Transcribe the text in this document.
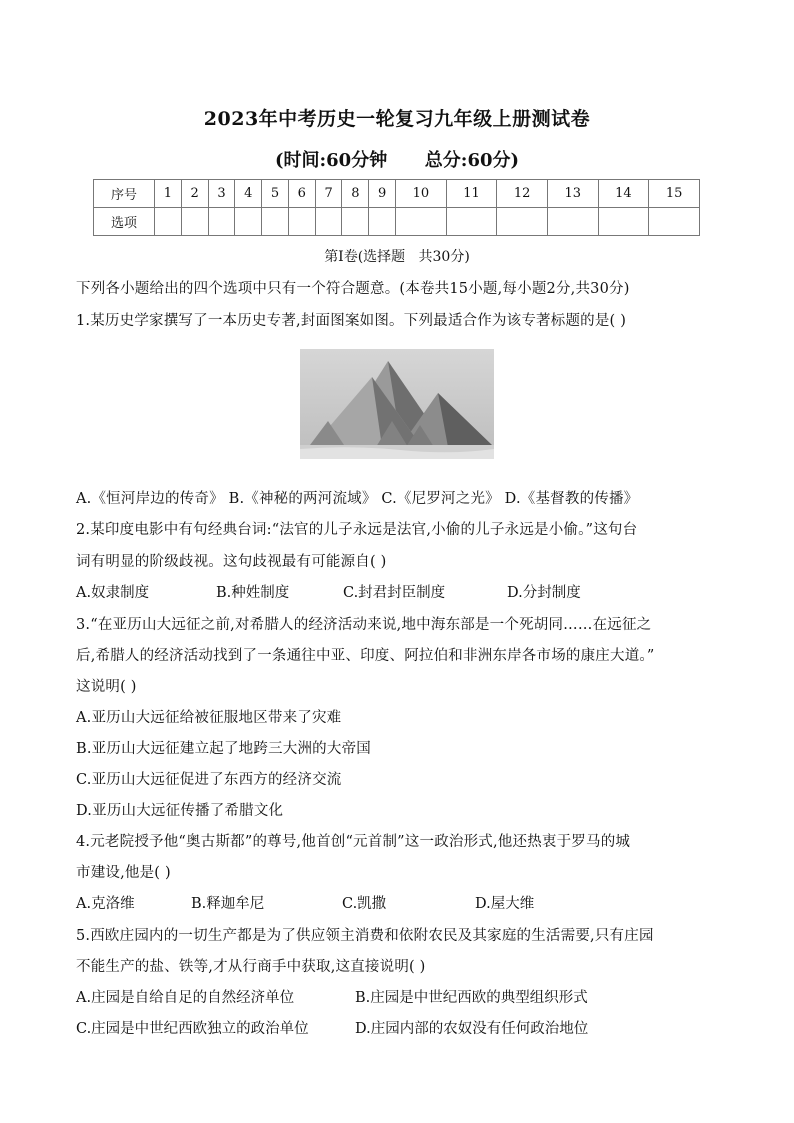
2023年中考历史一轮复习九年级上册测试卷
(时间:60分钟      总分:60分)
序号	1	2	3	4	5	6	7	8	9	10	11	12	13	14	15
选项															
第Ⅰ卷(选择题   共30分)
下列各小题给出的四个选项中只有一个符合题意。(本卷共15小题,每小题2分,共30分)
1.某历史学家撰写了一本历史专著,封面图案如图。下列最适合作为该专著标题的是( )
A.《恒河岸边的传奇》 B.《神秘的两河流域》 C.《尼罗河之光》 D.《基督教的传播》
2.某印度电影中有句经典台词:“法官的儿子永远是法官,小偷的儿子永远是小偷。”这句台
词有明显的阶级歧视。这句歧视最有可能源自( )
A.奴隶制度	B.种姓制度	C.封君封臣制度	D.分封制度
3.“在亚历山大远征之前,对希腊人的经济活动来说,地中海东部是一个死胡同……在远征之
后,希腊人的经济活动找到了一条通往中亚、印度、阿拉伯和非洲东岸各市场的康庄大道。”
这说明( )
A.亚历山大远征给被征服地区带来了灾难
B.亚历山大远征建立起了地跨三大洲的大帝国
C.亚历山大远征促进了东西方的经济交流
D.亚历山大远征传播了希腊文化
4.元老院授予他“奥古斯都”的尊号,他首创“元首制”这一政治形式,他还热衷于罗马的城
市建设,他是( )
A.克洛维	B.释迦牟尼	C.凯撒	D.屋大维
5.西欧庄园内的一切生产都是为了供应领主消费和依附农民及其家庭的生活需要,只有庄园
不能生产的盐、铁等,才从行商手中获取,这直接说明( )
A.庄园是自给自足的自然经济单位	B.庄园是中世纪西欧的典型组织形式
C.庄园是中世纪西欧独立的政治单位	D.庄园内部的农奴没有任何政治地位
